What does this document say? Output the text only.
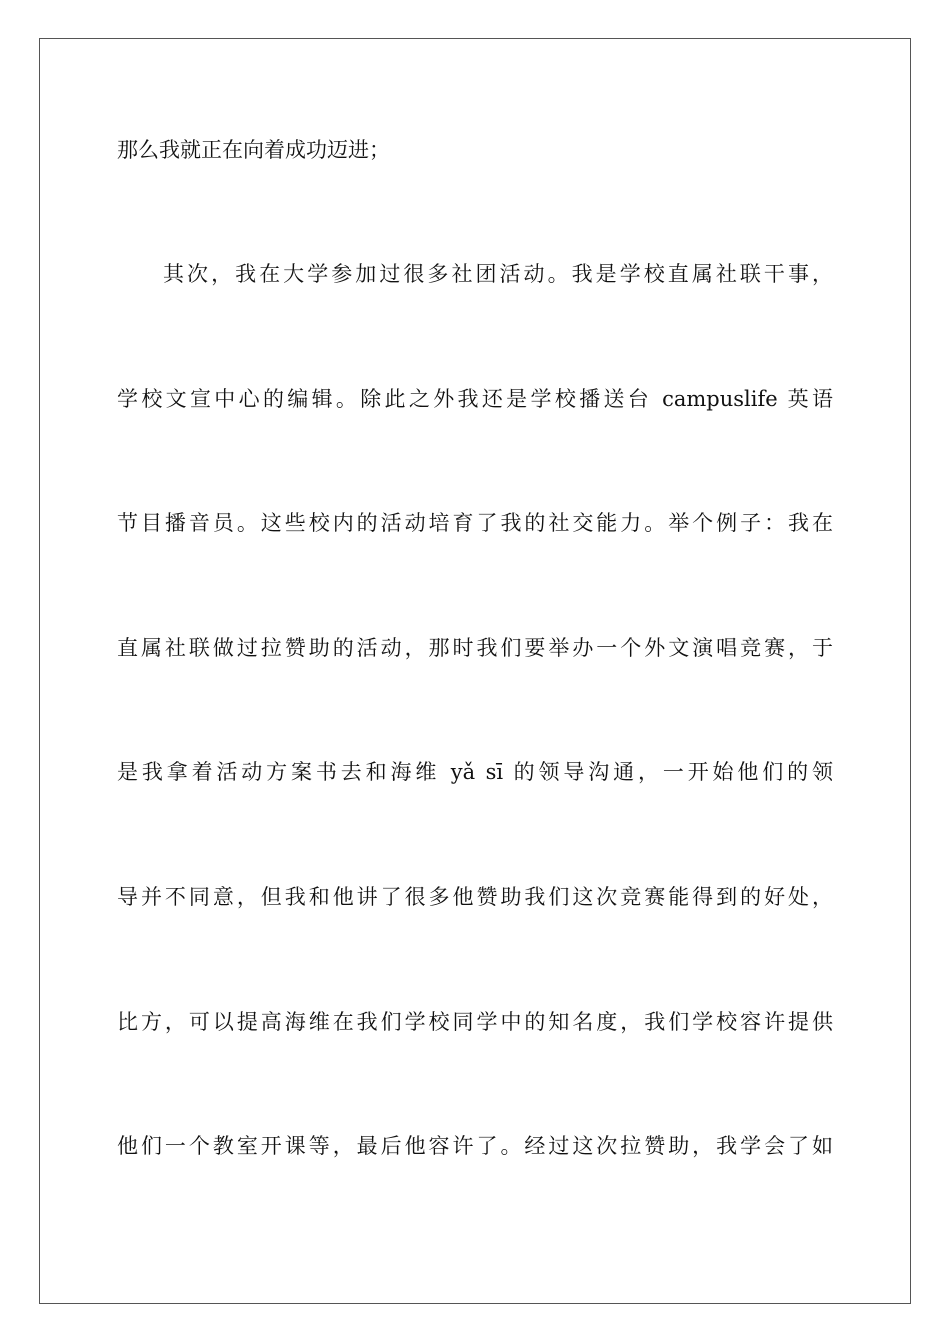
那么我就正在向着成功迈进；
其次，我在大学参加过很多社团活动。我是学校直属社联干事，
学校文宣中心的编辑。除此之外我还是学校播送台 campuslife 英语
节目播音员。这些校内的活动培育了我的社交能力。举个例子：我在
直属社联做过拉赞助的活动，那时我们要举办一个外文演唱竞赛，于
是我拿着活动方案书去和海维 yǎ sī 的领导沟通，一开始他们的领
导并不同意，但我和他讲了很多他赞助我们这次竞赛能得到的好处，
比方，可以提高海维在我们学校同学中的知名度，我们学校容许提供
他们一个教室开课等，最后他容许了。经过这次拉赞助，我学会了如
